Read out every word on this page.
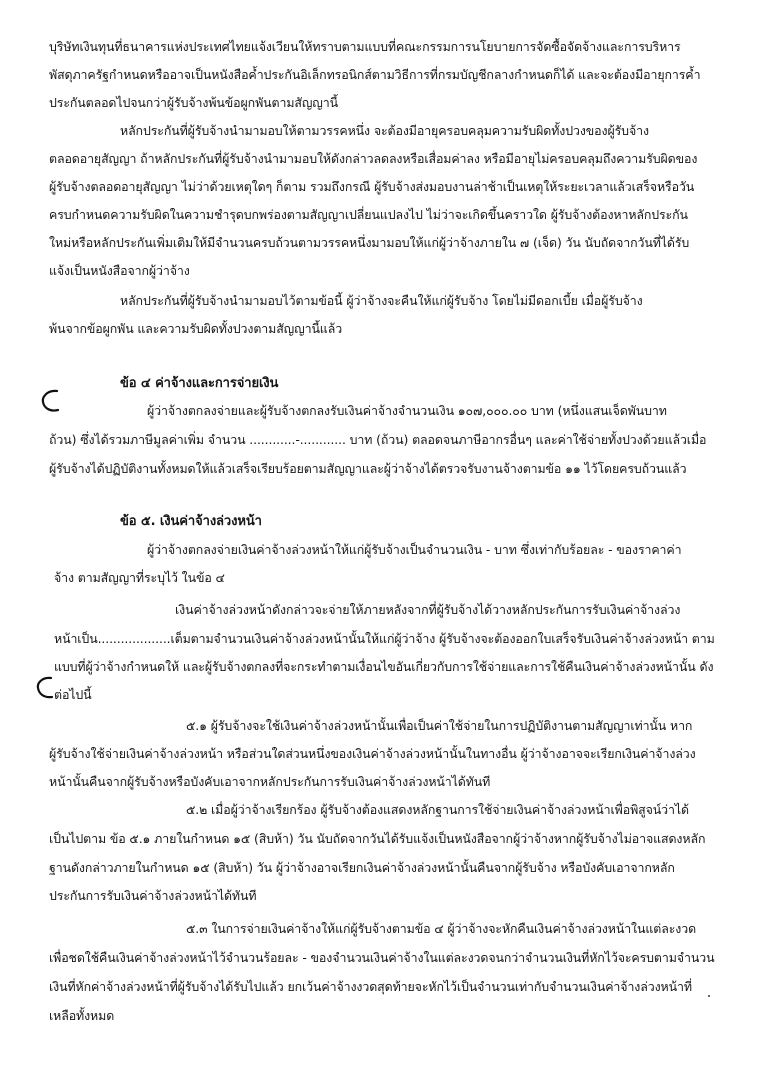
บุริษัทเงินทุนที่ธนาคารแห่งประเทศไทยแจ้งเวียนให้ทราบตามแบบที่คณะกรรมการนโยบายการจัดซื้อจัดจ้างและการบริหาร

พัสดุภาครัฐกำหนดหรืออาจเป็นหนังสือค้ำประกันอิเล็กทรอนิกส์ตามวิธีการที่กรมบัญชีกลางกำหนดก็ได้ และจะต้องมีอายุการค้ำ

ประกันตลอดไปจนกว่าผู้รับจ้างพ้นข้อผูกพันตามสัญญานี้

หลักประกันที่ผู้รับจ้างนำมามอบให้ตามวรรคหนึ่ง จะต้องมีอายุครอบคลุมความรับผิดทั้งปวงของผู้รับจ้าง

ตลอดอายุสัญญา ถ้าหลักประกันที่ผู้รับจ้างนำมามอบให้ดังกล่าวลดลงหรือเสื่อมค่าลง หรือมีอายุไม่ครอบคลุมถึงความรับผิดของ

ผู้รับจ้างตลอดอายุสัญญา ไม่ว่าด้วยเหตุใดๆ ก็ตาม รวมถึงกรณี ผู้รับจ้างส่งมอบงานล่าช้าเป็นเหตุให้ระยะเวลาแล้วเสร็จหรือวัน

ครบกำหนดความรับผิดในความชำรุดบกพร่องตามสัญญาเปลี่ยนแปลงไป ไม่ว่าจะเกิดขึ้นคราวใด ผู้รับจ้างต้องหาหลักประกัน

ใหม่หรือหลักประกันเพิ่มเติมให้มีจำนวนครบถ้วนตามวรรคหนึ่งมามอบให้แก่ผู้ว่าจ้างภายใน ๗ (เจ็ด) วัน นับถัดจากวันที่ได้รับ

แจ้งเป็นหนังสือจากผู้ว่าจ้าง

หลักประกันที่ผู้รับจ้างนำมามอบไว้ตามข้อนี้ ผู้ว่าจ้างจะคืนให้แก่ผู้รับจ้าง โดยไม่มีดอกเบี้ย เมื่อผู้รับจ้าง

พ้นจากข้อผูกพัน และความรับผิดทั้งปวงตามสัญญานี้แล้ว

ข้อ ๔ ค่าจ้างและการจ่ายเงิน

ผู้ว่าจ้างตกลงจ่ายและผู้รับจ้างตกลงรับเงินค่าจ้างจำนวนเงิน ๑๐๗,๐๐๐.๐๐ บาท (หนึ่งแสนเจ็ดพันบาท

ถ้วน) ซึ่งได้รวมภาษีมูลค่าเพิ่ม จำนวน ............-............ บาท (ถ้วน) ตลอดจนภาษีอากรอื่นๆ และค่าใช้จ่ายทั้งปวงด้วยแล้วเมื่อ

ผู้รับจ้างได้ปฏิบัติงานทั้งหมดให้แล้วเสร็จเรียบร้อยตามสัญญาและผู้ว่าจ้างได้ตรวจรับงานจ้างตามข้อ ๑๑ ไว้โดยครบถ้วนแล้ว

ข้อ ๕. เงินค่าจ้างล่วงหน้า

ผู้ว่าจ้างตกลงจ่ายเงินค่าจ้างล่วงหน้าให้แก่ผู้รับจ้างเป็นจำนวนเงิน - บาท ซึ่งเท่ากับร้อยละ - ของราคาค่า

จ้าง ตามสัญญาที่ระบุไว้ ในข้อ ๔

เงินค่าจ้างล่วงหน้าดังกล่าวจะจ่ายให้ภายหลังจากที่ผู้รับจ้างได้วางหลักประกันการรับเงินค่าจ้างล่วง

หน้าเป็น...................เต็มตามจำนวนเงินค่าจ้างล่วงหน้านั้นให้แก่ผู้ว่าจ้าง ผู้รับจ้างจะต้องออกใบเสร็จรับเงินค่าจ้างล่วงหน้า ตาม

แบบที่ผู้ว่าจ้างกำหนดให้ และผู้รับจ้างตกลงที่จะกระทำตามเงื่อนไขอันเกี่ยวกับการใช้จ่ายและการใช้คืนเงินค่าจ้างล่วงหน้านั้น ดัง

ต่อไปนี้

๕.๑ ผู้รับจ้างจะใช้เงินค่าจ้างล่วงหน้านั้นเพื่อเป็นค่าใช้จ่ายในการปฏิบัติงานตามสัญญาเท่านั้น หาก

ผู้รับจ้างใช้จ่ายเงินค่าจ้างล่วงหน้า หรือส่วนใดส่วนหนึ่งของเงินค่าจ้างล่วงหน้านั้นในทางอื่น ผู้ว่าจ้างอาจจะเรียกเงินค่าจ้างล่วง

หน้านั้นคืนจากผู้รับจ้างหรือบังคับเอาจากหลักประกันการรับเงินค่าจ้างล่วงหน้าได้ทันที

๕.๒ เมื่อผู้ว่าจ้างเรียกร้อง ผู้รับจ้างต้องแสดงหลักฐานการใช้จ่ายเงินค่าจ้างล่วงหน้าเพื่อพิสูจน์ว่าได้

เป็นไปตาม ข้อ ๕.๑ ภายในกำหนด ๑๕ (สิบห้า) วัน นับถัดจากวันได้รับแจ้งเป็นหนังสือจากผู้ว่าจ้างหากผู้รับจ้างไม่อาจแสดงหลัก

ฐานดังกล่าวภายในกำหนด ๑๕ (สิบห้า) วัน ผู้ว่าจ้างอาจเรียกเงินค่าจ้างล่วงหน้านั้นคืนจากผู้รับจ้าง หรือบังคับเอาจากหลัก

ประกันการรับเงินค่าจ้างล่วงหน้าได้ทันที

๕.๓ ในการจ่ายเงินค่าจ้างให้แก่ผู้รับจ้างตามข้อ ๔ ผู้ว่าจ้างจะหักคืนเงินค่าจ้างล่วงหน้าในแต่ละงวด

เพื่อชดใช้คืนเงินค่าจ้างล่วงหน้าไว้จำนวนร้อยละ - ของจำนวนเงินค่าจ้างในแต่ละงวดจนกว่าจำนวนเงินที่หักไว้จะครบตามจำนวน

เงินที่หักค่าจ้างล่วงหน้าที่ผู้รับจ้างได้รับไปแล้ว ยกเว้นค่าจ้างงวดสุดท้ายจะหักไว้เป็นจำนวนเท่ากับจำนวนเงินค่าจ้างล่วงหน้าที่

เหลือทั้งหมด
